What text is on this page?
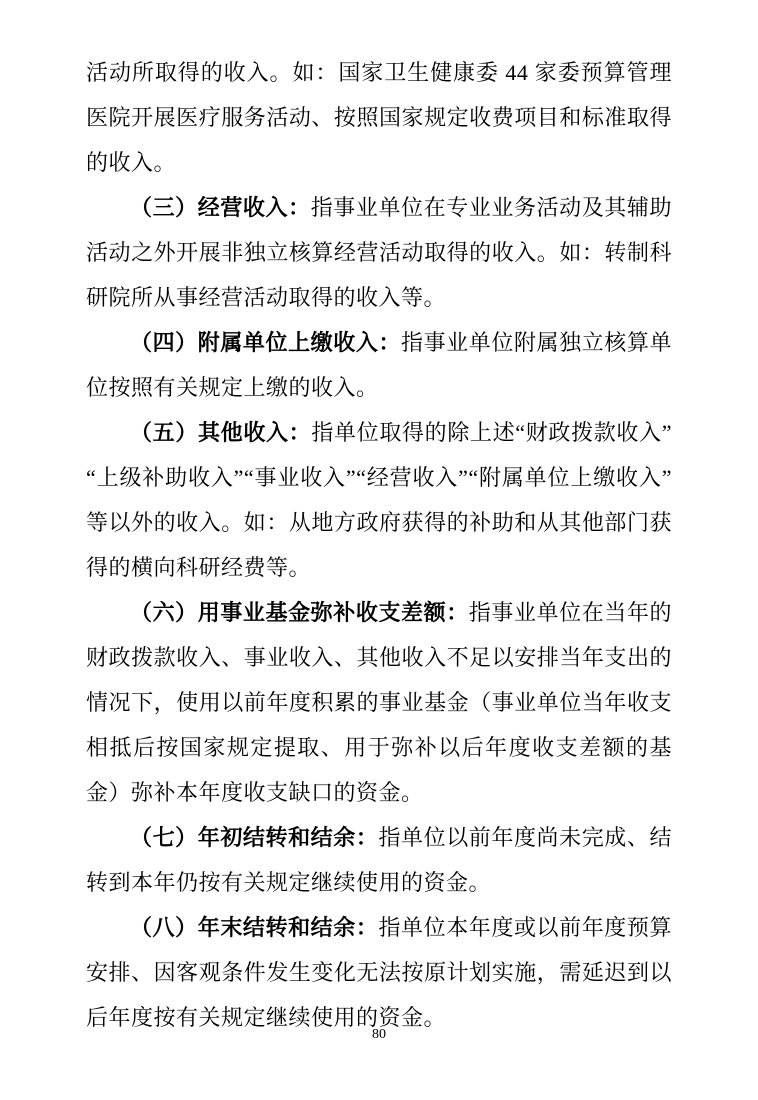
活动所取得的收入。如：国家卫生健康委 44 家委预算管理医院开展医疗服务活动、按照国家规定收费项目和标准取得的收入。

（三）经营收入：指事业单位在专业业务活动及其辅助活动之外开展非独立核算经营活动取得的收入。如：转制科研院所从事经营活动取得的收入等。

（四）附属单位上缴收入：指事业单位附属独立核算单位按照有关规定上缴的收入。

（五）其他收入：指单位取得的除上述“财政拨款收入”“上级补助收入”“事业收入”“经营收入”“附属单位上缴收入”等以外的收入。如：从地方政府获得的补助和从其他部门获得的横向科研经费等。

（六）用事业基金弥补收支差额：指事业单位在当年的财政拨款收入、事业收入、其他收入不足以安排当年支出的情况下，使用以前年度积累的事业基金（事业单位当年收支相抵后按国家规定提取、用于弥补以后年度收支差额的基金）弥补本年度收支缺口的资金。

（七）年初结转和结余：指单位以前年度尚未完成、结转到本年仍按有关规定继续使用的资金。

（八）年末结转和结余：指单位本年度或以前年度预算安排、因客观条件发生变化无法按原计划实施，需延迟到以后年度按有关规定继续使用的资金。

80
